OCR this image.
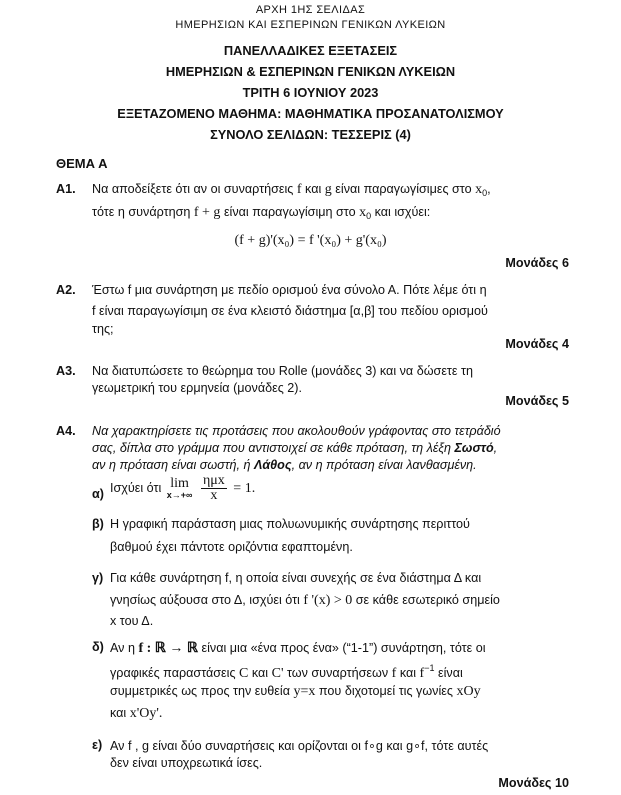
ΑΡΧΗ 1ΗΣ ΣΕΛΙΔΑΣ
ΗΜΕΡΗΣΙΩΝ ΚΑΙ ΕΣΠΕΡΙΝΩΝ ΓΕΝΙΚΩΝ ΛΥΚΕΙΩΝ
ΠΑΝΕΛΛΑΔΙΚΕΣ ΕΞΕΤΑΣΕΙΣ
ΗΜΕΡΗΣΙΩΝ & ΕΣΠΕΡΙΝΩΝ ΓΕΝΙΚΩΝ ΛΥΚΕΙΩΝ
ΤΡΙΤΗ 6 ΙΟΥΝΙΟΥ 2023
ΕΞΕΤΑΖΟΜΕΝΟ ΜΑΘΗΜΑ: ΜΑΘΗΜΑΤΙΚΑ ΠΡΟΣΑΝΑΤΟΛΙΣΜΟΥ
ΣΥΝΟΛΟ ΣΕΛΙΔΩΝ: ΤΕΣΣΕΡΙΣ (4)
ΘΕΜΑ Α
Α1. Να αποδείξετε ότι αν οι συναρτήσεις f και g είναι παραγωγίσιμες στο $x_0$,
τότε η συνάρτηση f + g είναι παραγωγίσιμη στο $x_0$ και ισχύει:
(f + g)'(x₀) = f '(x₀) + g'(x₀)
Μονάδες 6
Α2. Έστω f μια συνάρτηση με πεδίο ορισμού ένα σύνολο Α. Πότε λέμε ότι η
f είναι παραγωγίσιμη σε ένα κλειστό διάστημα [α,β] του πεδίου ορισμού
της;
Μονάδες 4
Α3. Να διατυπώσετε το θεώρημα του Rolle (μονάδες 3) και να δώσετε τη
γεωμετρική του ερμηνεία (μονάδες 2).
Μονάδες 5
Α4. Να χαρακτηρίσετε τις προτάσεις που ακολουθούν γράφοντας στο τετράδιό
σας, δίπλα στο γράμμα που αντιστοιχεί σε κάθε πρόταση, τη λέξη Σωστό,
αν η πρόταση είναι σωστή, ή Λάθος, αν η πρόταση είναι λανθασμένη.
α) Ισχύει ότι lim
x→+∞
$\frac{\text{ημx}}{x} = 1$.
β) Η γραφική παράσταση μιας πολυωνυμικής συνάρτησης περιττού
βαθμού έχει πάντοτε οριζόντια εφαπτομένη.
γ) Για κάθε συνάρτηση f, η οποία είναι συνεχής σε ένα διάστημα Δ και
γνησίως αύξουσα στο Δ, ισχύει ότι f '(x) > 0 σε κάθε εσωτερικό σημείο
x του Δ.
δ) Αν η f : ℝ → ℝ είναι μια «ένα προς ένα» (“1-1”) συνάρτηση, τότε οι
γραφικές παραστάσεις C και C' των συναρτήσεων f και $f^{-1}$ είναι
συμμετρικές ως προς την ευθεία y=x που διχοτομεί τις γωνίες xOy
και x'Oy'.
ε) Αν f , g είναι δύο συναρτήσεις και ορίζονται οι f∘g και g∘f, τότε αυτές
δεν είναι υποχρεωτικά ίσες.
Μονάδες 10
